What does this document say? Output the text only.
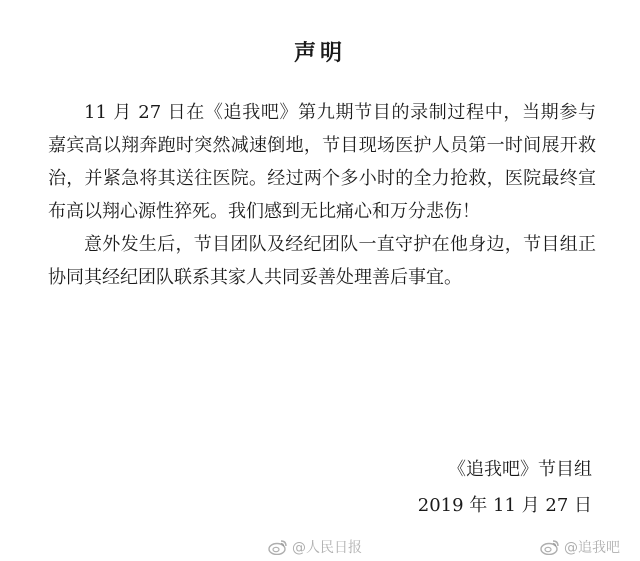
声明

11 月 27 日在《追我吧》第九期节目的录制过程中，当期参与嘉宾高以翔奔跑时突然减速倒地，节目现场医护人员第一时间展开救治，并紧急将其送往医院。经过两个多小时的全力抢救，医院最终宣布高以翔心源性猝死。我们感到无比痛心和万分悲伤！

意外发生后，节目团队及经纪团队一直守护在他身边，节目组正协同其经纪团队联系其家人共同妥善处理善后事宜。

《追我吧》节目组
2019 年 11 月 27 日
@人民日报	@追我吧
